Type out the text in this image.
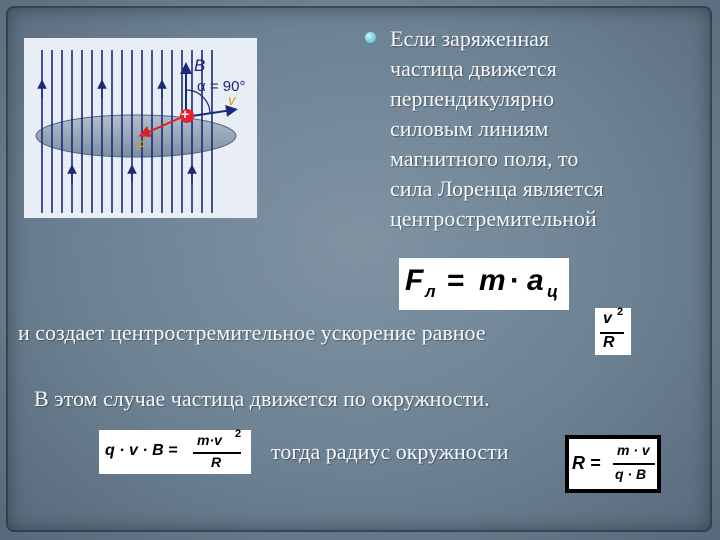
+
B
α = 90°
v
F
Если заряженная
частица движется
перпендикулярно
силовым линиям
магнитного поля, то
сила Лоренца является
центростремительной
F л = m · a ц
и создает центростремительное ускорение равное
v 2
R
В этом случае частица движется по окружности.
q · v · B =
m·v 2
R тогда радиус окружности	R =
m · v
q · B
